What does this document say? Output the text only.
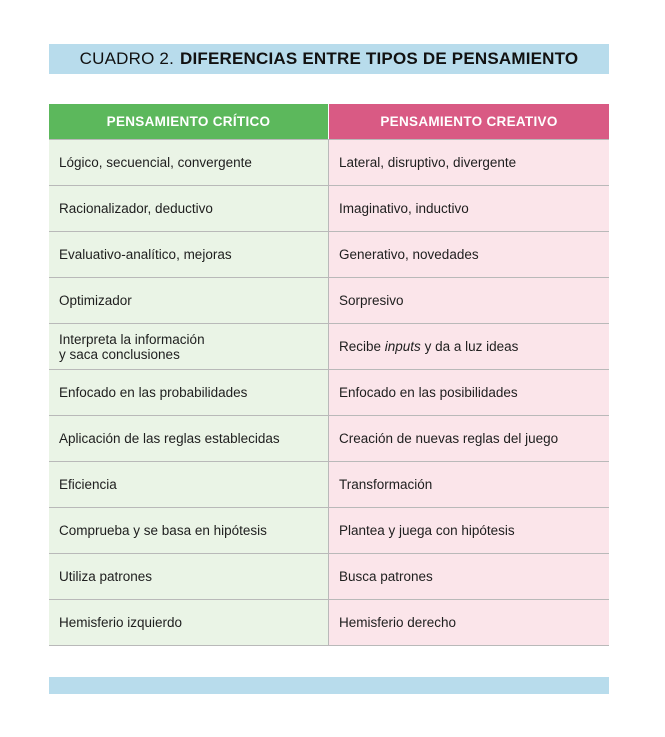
CUADRO 2. DIFERENCIAS ENTRE TIPOS DE PENSAMIENTO
PENSAMIENTO CRÍTICO	PENSAMIENTO CREATIVO
Lógico, secuencial, convergente	Lateral, disruptivo, divergente
Racionalizador, deductivo	Imaginativo, inductivo
Evaluativo-analítico, mejoras	Generativo, novedades
Optimizador	Sorpresivo
Interpreta la información
y saca conclusiones	Recibe inputs y da a luz ideas
Enfocado en las probabilidades	Enfocado en las posibilidades
Aplicación de las reglas establecidas	Creación de nuevas reglas del juego
Eficiencia	Transformación
Comprueba y se basa en hipótesis	Plantea y juega con hipótesis
Utiliza patrones	Busca patrones
Hemisferio izquierdo	Hemisferio derecho
